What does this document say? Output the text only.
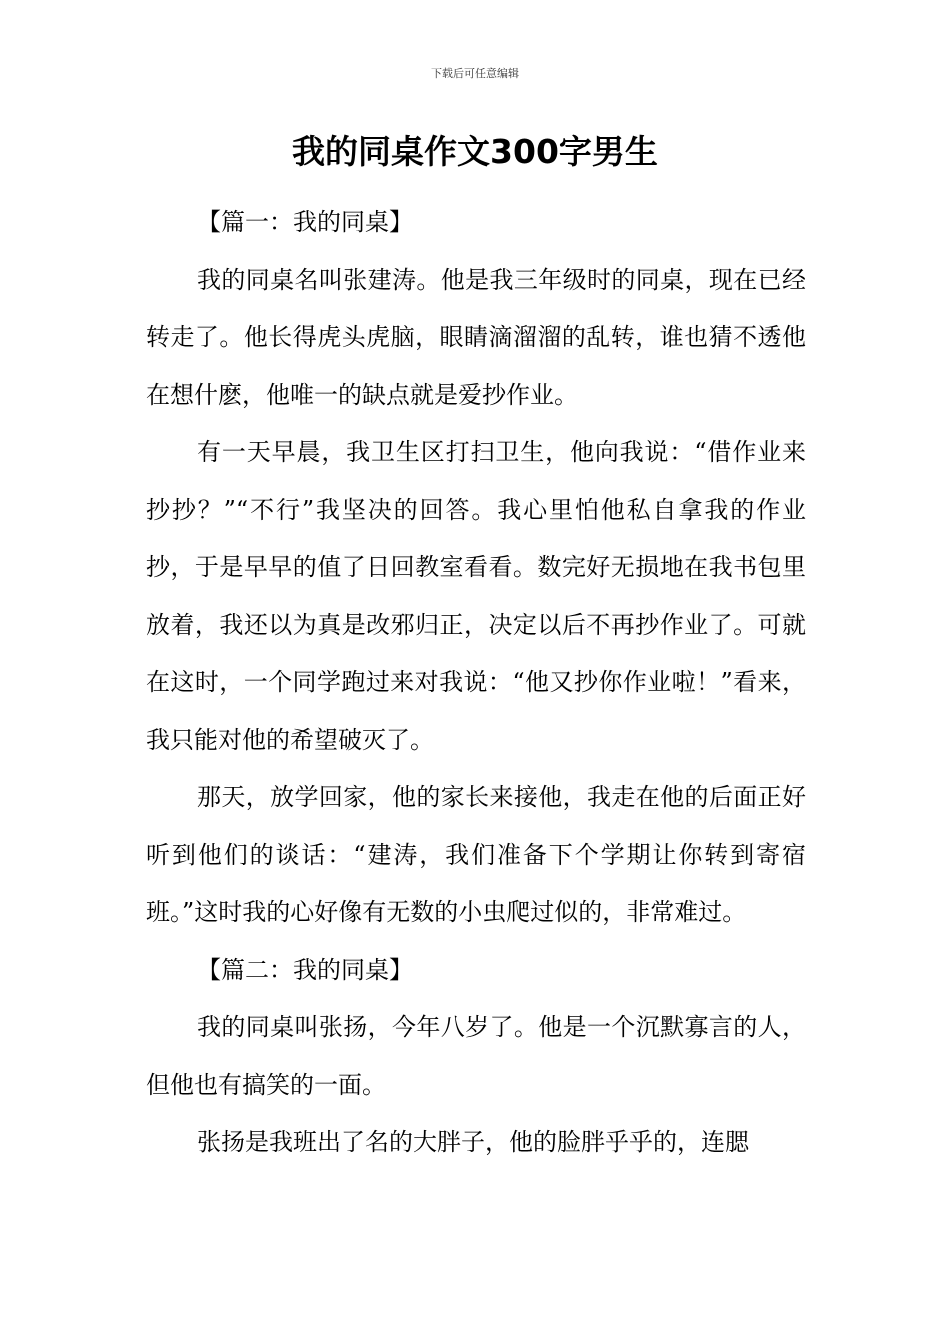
下载后可任意编辑
我的同桌作文300字男生

【篇一：我的同桌】

我的同桌名叫张建涛。他是我三年级时的同桌，现在已经转走了。他长得虎头虎脑，眼睛滴溜溜的乱转，谁也猜不透他在想什麽，他唯一的缺点就是爱抄作业。

有一天早晨，我卫生区打扫卫生，他向我说：“借作业来抄抄？”“不行”我坚决的回答。我心里怕他私自拿我的作业抄，于是早早的值了日回教室看看。数完好无损地在我书包里放着，我还以为真是改邪归正，决定以后不再抄作业了。可就在这时，一个同学跑过来对我说：“他又抄你作业啦！”看来，我只能对他的希望破灭了。

那天，放学回家，他的家长来接他，我走在他的后面正好听到他们的谈话：“建涛，我们准备下个学期让你转到寄宿班。”这时我的心好像有无数的小虫爬过似的，非常难过。

【篇二：我的同桌】

我的同桌叫张扬，今年八岁了。他是一个沉默寡言的人，但他也有搞笑的一面。

张扬是我班出了名的大胖子，他的脸胖乎乎的，连腮
